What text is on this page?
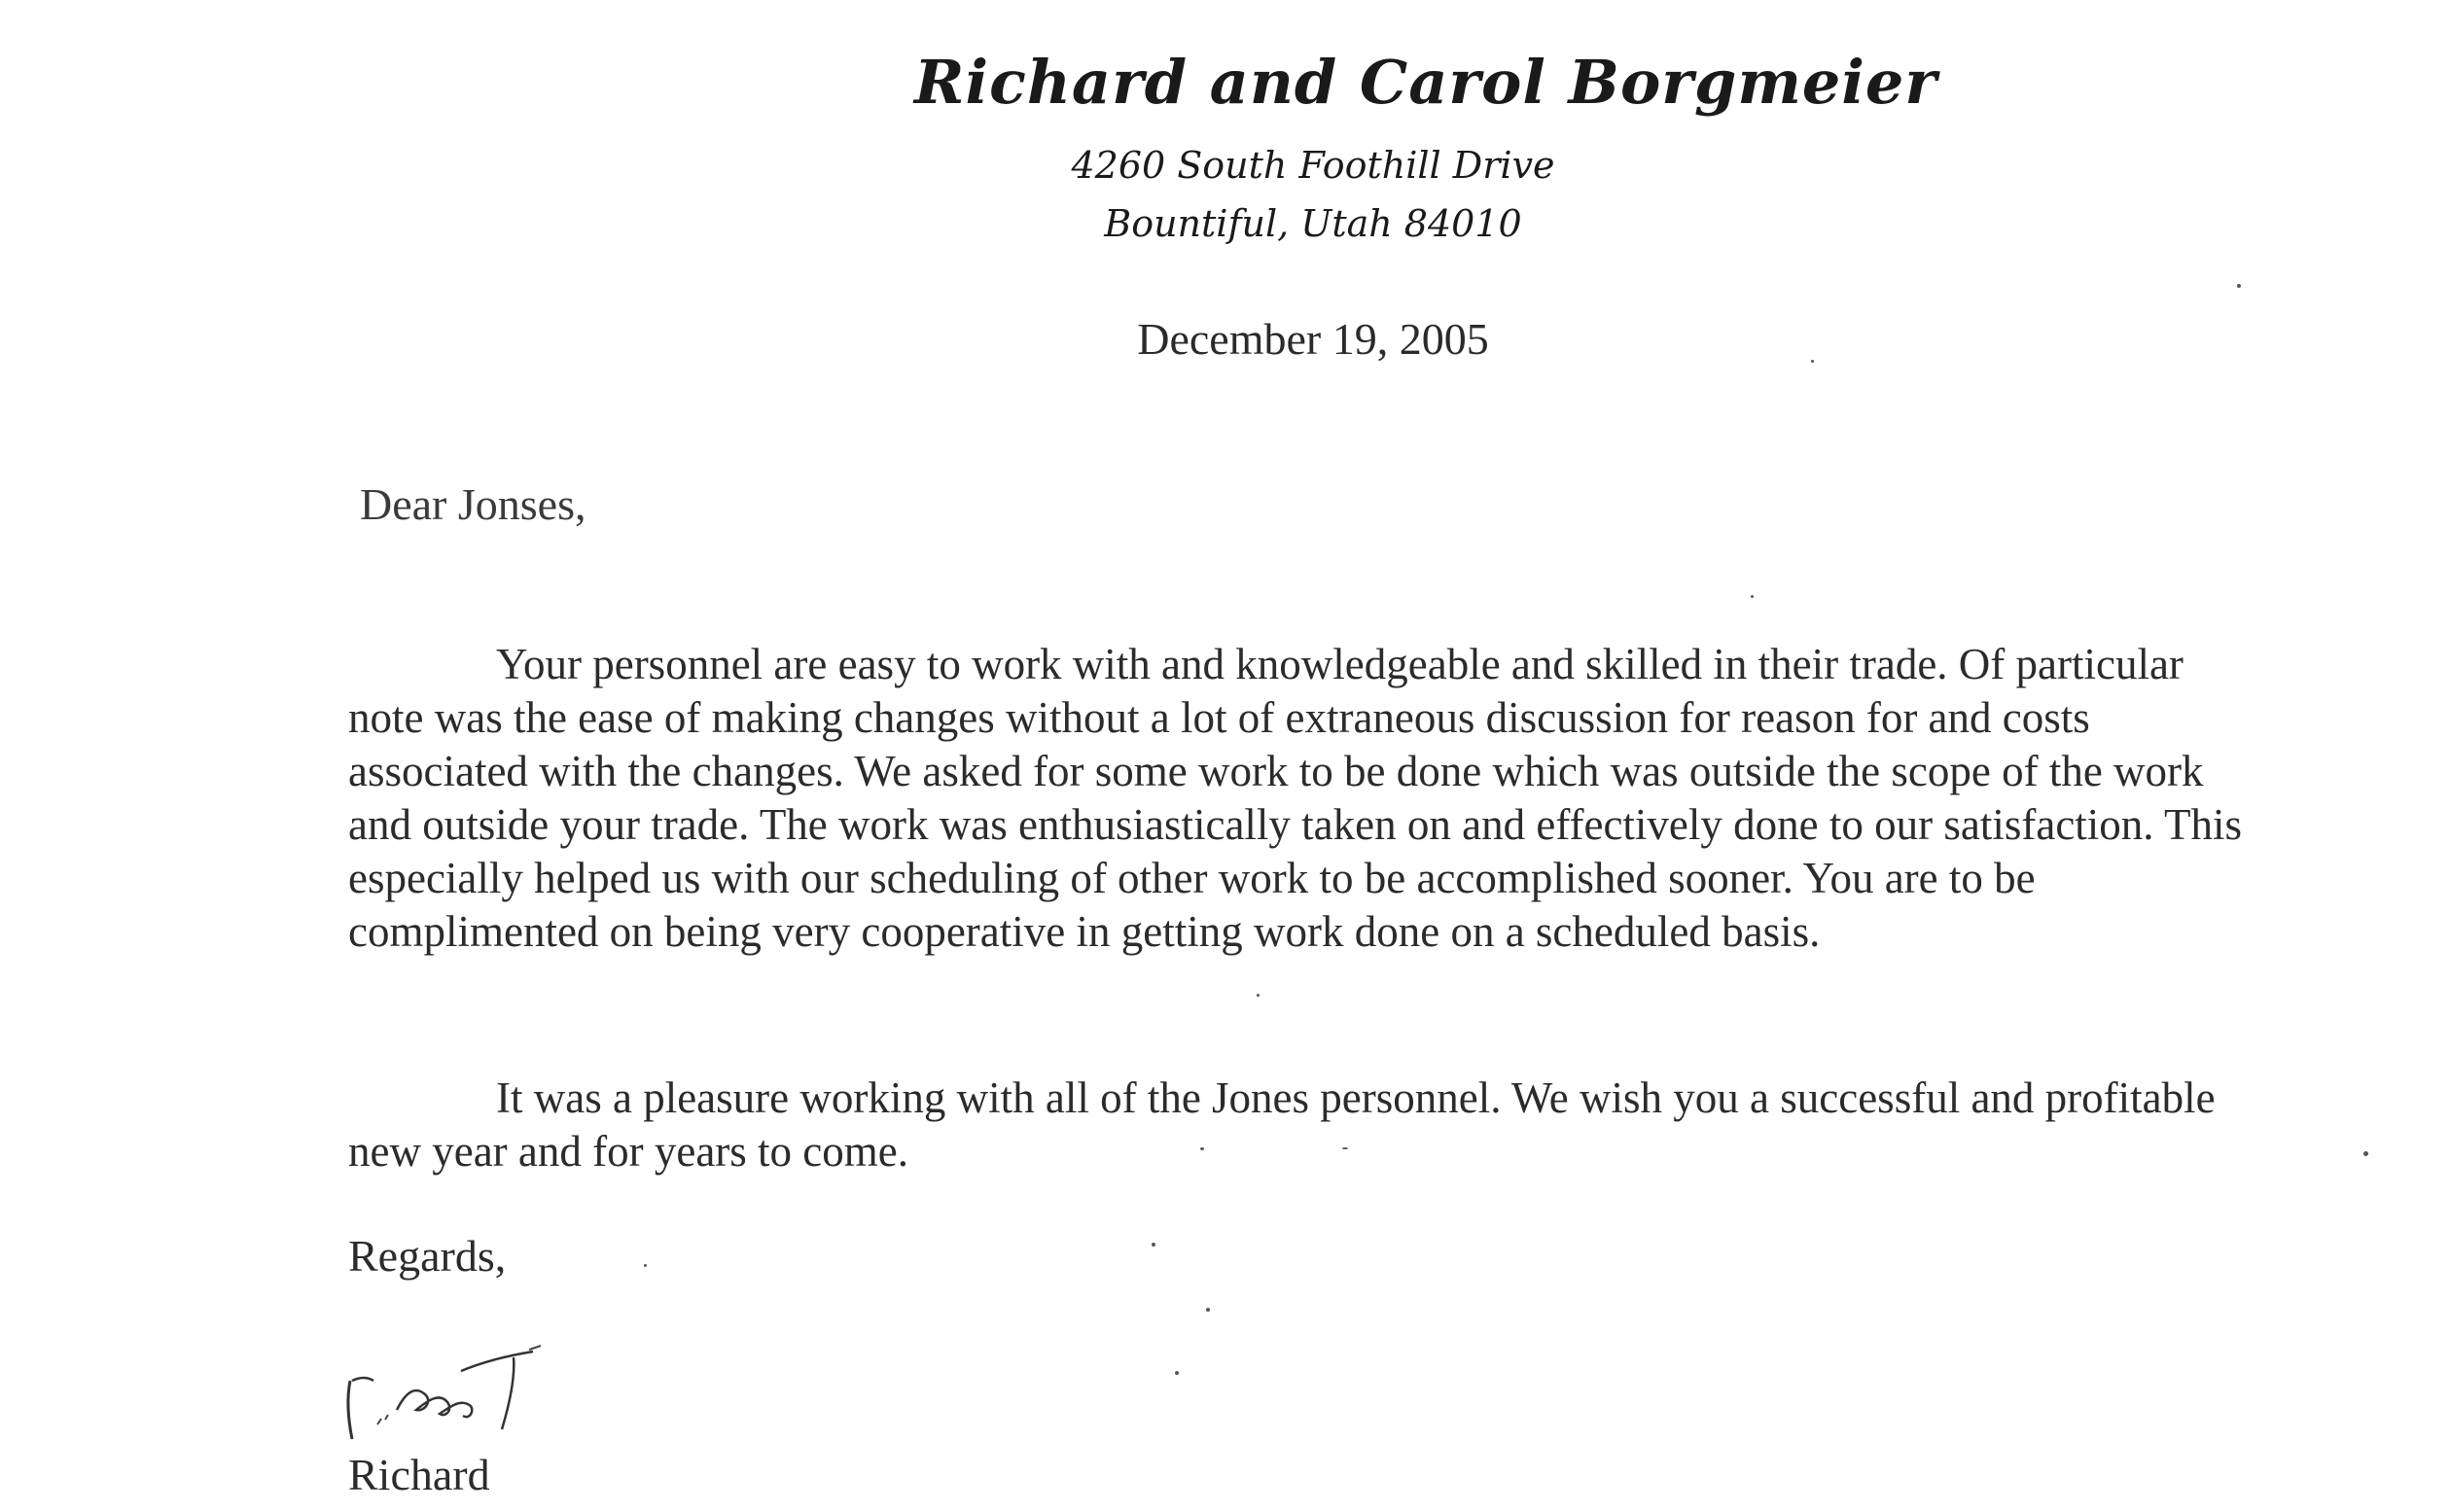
Richard and Carol Borgmeier
4260 South Foothill Drive
Bountiful, Utah 84010
December 19, 2005
Dear Jonses,
Your personnel are easy to work with and knowledgeable and skilled in their trade. Of particular note was the ease of making changes without a lot of extraneous discussion for reason for and costs associated with the changes. We asked for some work to be done which was outside the scope of the work and outside your trade. The work was enthusiastically taken on and effectively done to our satisfaction. This especially helped us with our scheduling of other work to be accomplished sooner. You are to be complimented on being very cooperative in getting work done on a scheduled basis.
It was a pleasure working with all of the Jones personnel. We wish you a successful and profitable new year and for years to come.
Regards,
Richard
